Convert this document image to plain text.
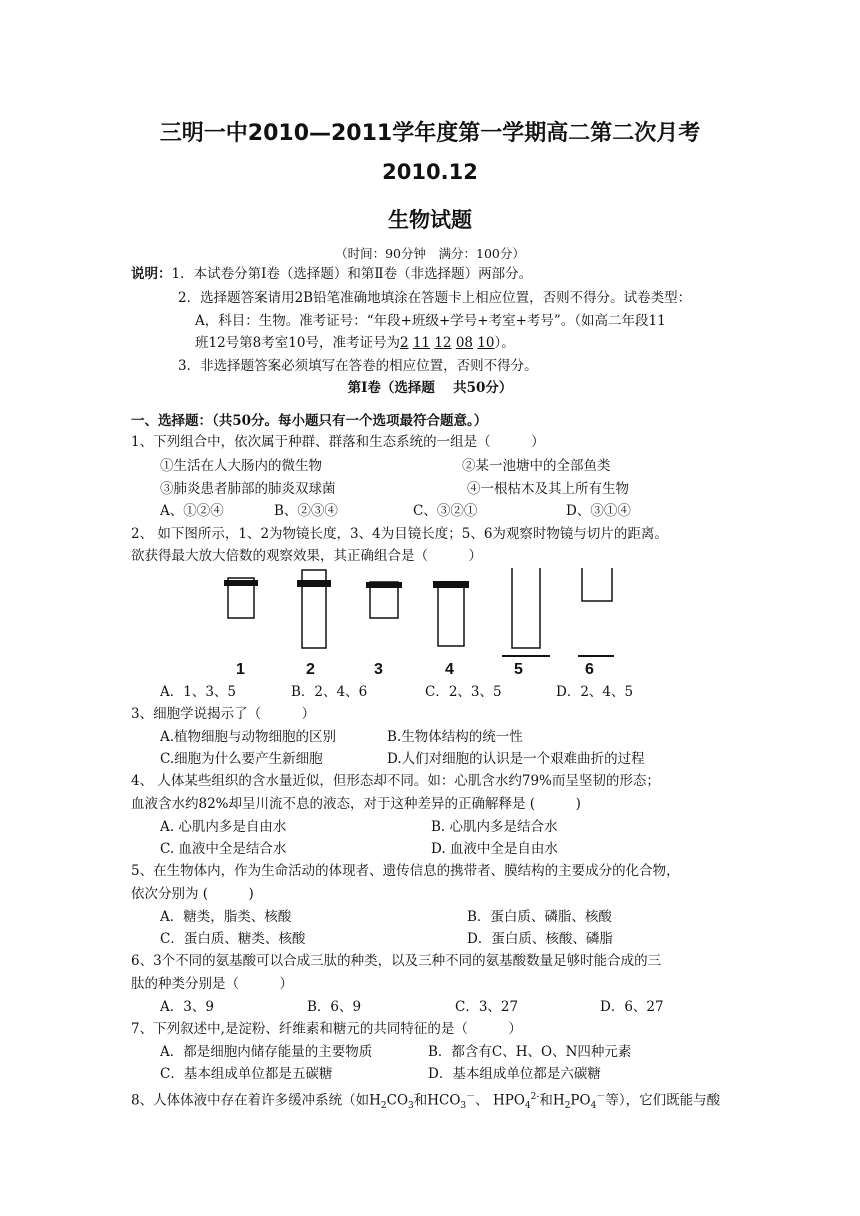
三明一中2010—2011学年度第一学期高二第二次月考
2010.12
生物试题
（时间：90分钟　满分：100分）
说明：1．本试卷分第Ⅰ卷（选择题）和第Ⅱ卷（非选择题）两部分。
2．选择题答案请用2B铅笔准确地填涂在答题卡上相应位置，否则不得分。试卷类型：
A，科目：生物。准考证号：“年段+班级+学号+考室+考号”。（如高二年段11
班12号第8考室10号，准考证号为2 11 12 08 10）。
3．非选择题答案必须填写在答卷的相应位置，否则不得分。
第Ⅰ卷（选择题　 共50分）
一、选择题：（共50分。每小题只有一个选项最符合题意。）
1、下列组合中，依次属于种群、群落和生态系统的一组是（　　　）
①生活在人大肠内的微生物	②某一池塘中的全部鱼类
③肺炎患者肺部的肺炎双球菌	④一根枯木及其上所有生物
A、①②④	B、②③④	C、③②①	D、③①④
2、 如下图所示，1、2为物镜长度，3、4为目镜长度；5、6为观察时物镜与切片的距离。
欲获得最大放大倍数的观察效果，其正确组合是（　　　）
1	2	3	4	5	6
A．1、3、5	B．2、4、6	C．2、3、5	D．2、4、5
3、细胞学说揭示了（　　　）
A.植物细胞与动物细胞的区别	B.生物体结构的统一性
C.细胞为什么要产生新细胞	D.人们对细胞的认识是一个艰难曲折的过程
4、 人体某些组织的含水量近似，但形态却不同。如：心肌含水约79%而呈坚韧的形态；
血液含水约82%却呈川流不息的液态，对于这种差异的正确解释是 (　　　)
A. 心肌内多是自由水	B. 心肌内多是结合水
C. 血液中全是结合水	D. 血液中全是自由水
5、在生物体内，作为生命活动的体现者、遗传信息的携带者、膜结构的主要成分的化合物，
依次分别为 (　　　)
A．糖类，脂类、核酸	B．蛋白质、磷脂、核酸
C．蛋白质、糖类、核酸	D．蛋白质、核酸、磷脂
6、3个不同的氨基酸可以合成三肽的种类，以及三种不同的氨基酸数量足够时能合成的三
肽的种类分别是（　　　）
A．3、9	B．6、9	C．3、27	D．6、27
7、下列叙述中,是淀粉、纤维素和糖元的共同特征的是（　　　）
A．都是细胞内储存能量的主要物质	B．都含有C、H、O、N四种元素
C．基本组成单位都是五碳糖	D．基本组成单位都是六碳糖
8、人体体液中存在着许多缓冲系统（如$H_2CO_3$和$HCO_3^-$、 $HPO_4^{2-}$和$H_2PO_4^-$等），它们既能与酸
